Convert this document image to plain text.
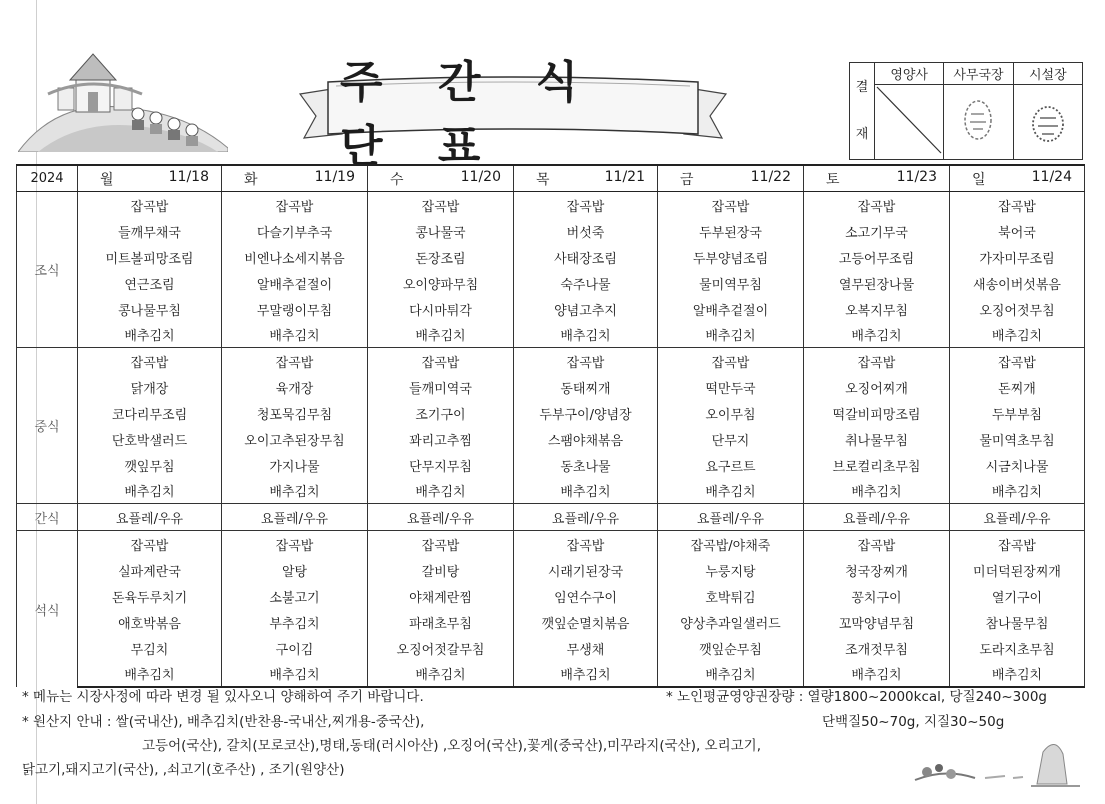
주 간 식 단 표
결
재	영양사	사무국장	시설장

2024	월 11/18	화 11/19	수 11/20	목 11/21	금 11/22	토 11/23	일 11/24

조식	잡곡밥	잡곡밥	잡곡밥	잡곡밥	잡곡밥	잡곡밥	잡곡밥
	들깨무채국	다슬기부추국	콩나물국	버섯죽	두부된장국	소고기무국	북어국
	미트볼피망조림	비엔나소세지볶음	돈장조림	사태장조림	두부양념조림	고등어무조림	가자미무조림
	연근조림	알배추겉절이	오이양파무침	숙주나물	물미역무침	열무된장나물	새송이버섯볶음
	콩나물무침	무말랭이무침	다시마튀각	양념고추지	알배추겉절이	오복지무침	오징어젓무침
	배추김치	배추김치	배추김치	배추김치	배추김치	배추김치	배추김치
중식	잡곡밥	잡곡밥	잡곡밥	잡곡밥	잡곡밥	잡곡밥	잡곡밥
	닭개장	육개장	들깨미역국	동태찌개	떡만두국	오징어찌개	돈찌개
	코다리무조림	청포묵김무침	조기구이	두부구이/양념장	오이무침	떡갈비피망조림	두부부침
	단호박샐러드	오이고추된장무침	꽈리고추찜	스팸야채볶음	단무지	취나물무침	물미역초무침
	깻잎무침	가지나물	단무지무침	동초나물	요구르트	브로컬리초무침	시금치나물
	배추김치	배추김치	배추김치	배추김치	배추김치	배추김치	배추김치
간식	요플레/우유	요플레/우유	요플레/우유	요플레/우유	요플레/우유	요플레/우유	요플레/우유
석식	잡곡밥	잡곡밥	잡곡밥	잡곡밥	잡곡밥/야채죽	잡곡밥	잡곡밥
	실파계란국	알탕	갈비탕	시래기된장국	누룽지탕	청국장찌개	미더덕된장찌개
	돈육두루치기	소불고기	야채계란찜	임연수구이	호박튀김	꽁치구이	열기구이
	애호박볶음	부추김치	파래초무침	깻잎순멸치볶음	양상추과일샐러드	꼬막양념무침	참나물무침
	무김치	구이김	오징어젓갈무침	무생채	깻잎순무침	조개젓무침	도라지초무침
	배추김치	배추김치	배추김치	배추김치	배추김치	배추김치	배추김치
* 메뉴는 시장사정에 따라 변경 될 있사오니 양해하여 주기 바랍니다.	* 노인평균영양권장량 : 열량1800~2000kcal, 당질240~300g
단백질50~70g, 지질30~50g
* 원산지 안내 : 쌀(국내산), 배추김치(반찬용-국내산,찌개용-중국산),
고등어(국산), 갈치(모로코산),명태,동태(러시아산) ,오징어(국산),꽃게(중국산),미꾸라지(국산), 오리고기,
닭고기,돼지고기(국산), ,쇠고기(호주산) , 조기(원양산)
